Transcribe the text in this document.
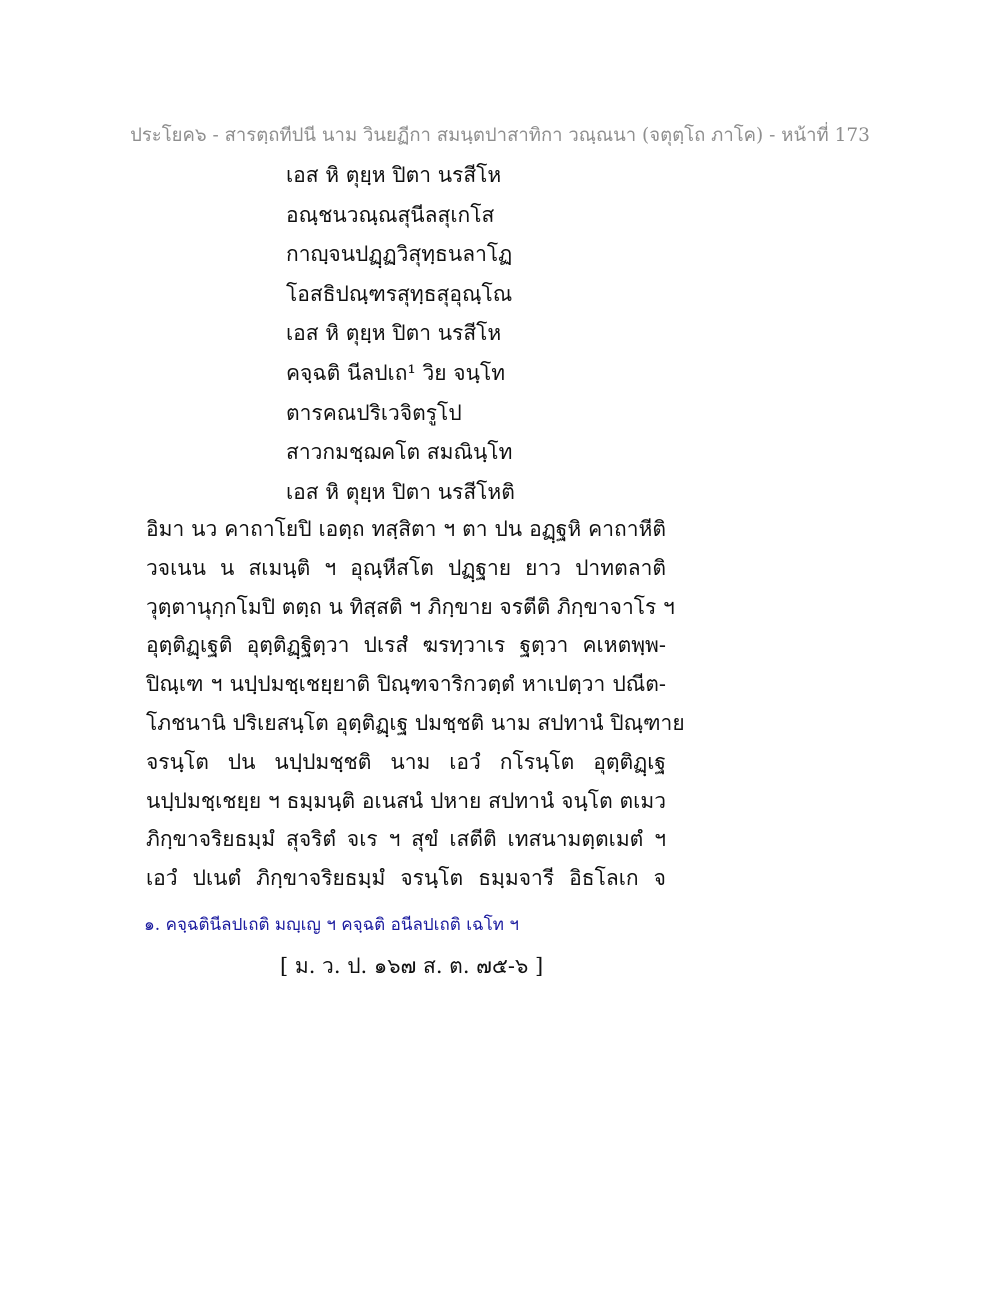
ประโยค๖ - สารตฺถทีปนี นาม วินยฏีกา สมนฺตปาสาทิกา วณฺณนา (จตุตฺโถ ภาโค) - หน้าที่ 173
เอส หิ ตุยฺห ปิตา นรสีโห
อณฺชนวณฺณสุนีลสุเกโส
กาญฺจนปฏฺฏวิสุทฺธนลาโฏ
โอสธิปณฺฑรสุทฺธสุอุณฺโณ
เอส หิ ตุยฺห ปิตา นรสีโห
คจฺฉติ นีลปเถ¹ วิย จนฺโท
ตารคณปริเวจิตรูโป
สาวกมชฺฌคโต สมณินฺโท
เอส หิ ตุยฺห ปิตา นรสีโหติ
อิมา นว คาถาโยปิ เอตฺถ ทสฺสิตา ฯ ตา ปน อฏฺฐหิ คาถาหีติ
วจเนน น สเมนฺติ ฯ อุณฺหีสโต ปฏฺฐาย ยาว ปาทตลาติ
วุตฺตานุกฺกโมปิ ตตฺถ น ทิสฺสติ ฯ ภิกฺขาย จรตีติ ภิกฺขาจาโร ฯ
อุตฺติฏฺเฐติ อุตฺติฏฺฐิตฺวา ปเรสํ ฆรทฺวาเร ฐตฺวา คเหตพฺพ-
ปิณฺเฑ ฯ นปฺปมชฺเชยฺยาติ ปิณฺฑจาริกวตฺตํ หาเปตฺวา ปณีต-
โภชนานิ ปริเยสนฺโต อุตฺติฏฺเฐ ปมชฺชติ นาม สปทานํ ปิณฺฑาย
จรนฺโต ปน นปฺปมชฺชติ นาม เอวํ กโรนฺโต อุตฺติฏฺเฐ
นปฺปมชฺเชยฺย ฯ ธมฺมนฺติ อเนสนํ ปหาย สปทานํ จนฺโต ตเมว
ภิกฺขาจริยธมฺมํ สุจริตํ จเร ฯ สุขํ เสตีติ เทสนามตฺตเมตํ ฯ
เอวํ ปเนตํ ภิกฺขาจริยธมฺมํ จรนฺโต ธมฺมจารี อิธโลเก จ
๑. คจฺฉตินีลปเถติ มญฺเญ ฯ คจฺฉติ อนีลปเถติ เฉโท ฯ
[ ม. ว. ป. ๑๖๗ ส. ต. ๗๕-๖ ]
